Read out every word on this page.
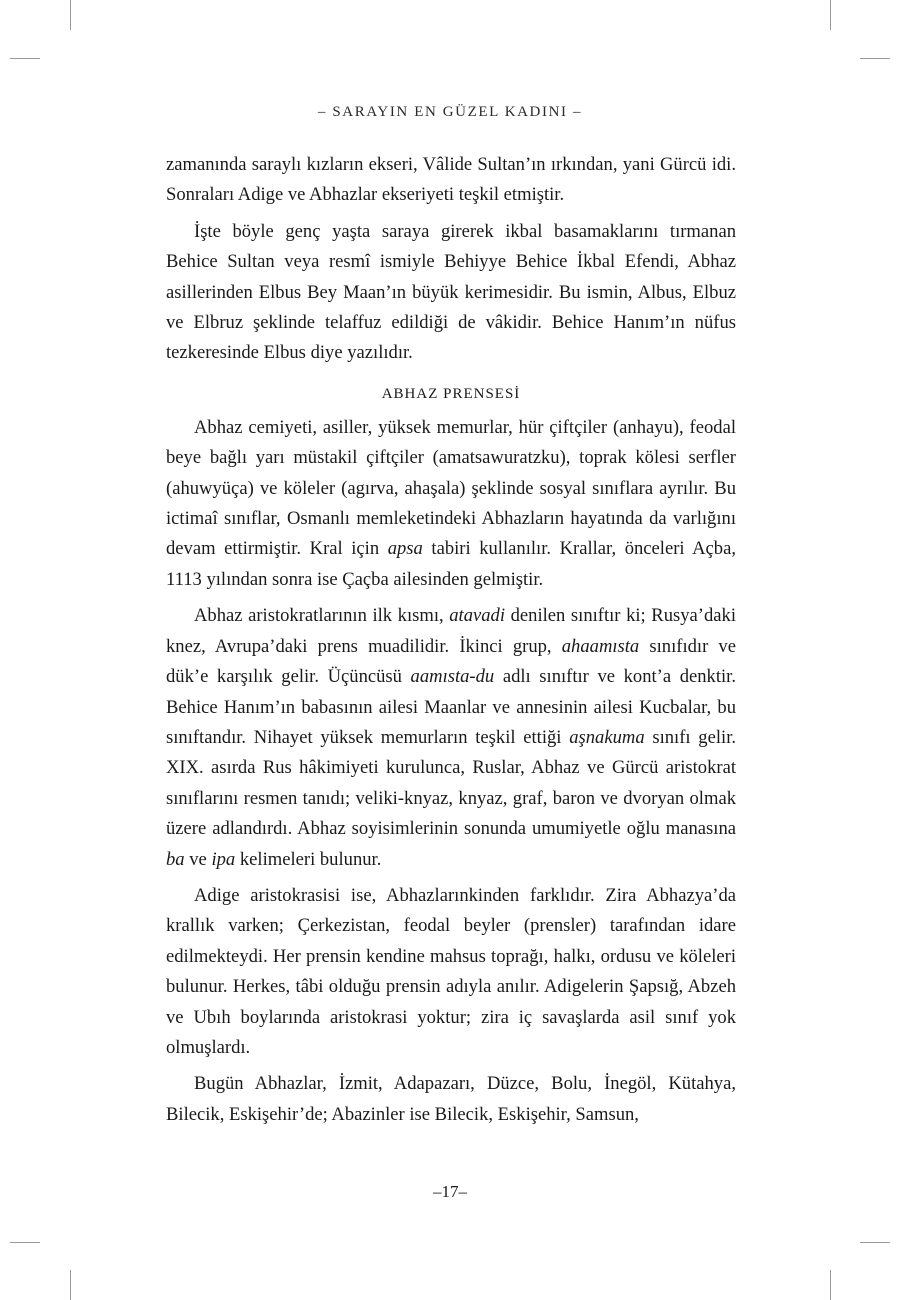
– SARAYIN EN GÜZEL KADINI –

zamanında saraylı kızların ekseri, Vâlide Sultan’ın ırkından, yani Gürcü idi. Sonraları Adige ve Abhazlar ekseriyeti teşkil etmiştir.

İşte böyle genç yaşta saraya girerek ikbal basamaklarını tırmanan Behice Sultan veya resmî ismiyle Behiyye Behice İkbal Efendi, Abhaz asillerinden Elbus Bey Maan’ın büyük kerimesidir. Bu ismin, Albus, Elbuz ve Elbruz şeklinde telaffuz edildiği de vâkidir. Behice Hanım’ın nüfus tezkeresinde Elbus diye yazılıdır.

ABHAZ PRENSESİ

Abhaz cemiyeti, asiller, yüksek memurlar, hür çiftçiler (anhayu), feodal beye bağlı yarı müstakil çiftçiler (amatsawuratzku), toprak kölesi serfler (ahuwyüça) ve köleler (agırva, ahaşala) şeklinde sosyal sınıflara ayrılır. Bu ictimaî sınıflar, Osmanlı memleketindeki Abhazların hayatında da varlığını devam ettirmiştir. Kral için apsa tabiri kullanılır. Krallar, önceleri Açba, 1113 yılından sonra ise Çaçba ailesinden gelmiştir.

Abhaz aristokratlarının ilk kısmı, atavadi denilen sınıftır ki; Rusya’daki knez, Avrupa’daki prens muadilidir. İkinci grup, ahaamısta sınıfıdır ve dük’e karşılık gelir. Üçüncüsü aamısta-du adlı sınıftır ve kont’a denktir. Behice Hanım’ın babasının ailesi Maanlar ve annesinin ailesi Kucbalar, bu sınıftandır. Nihayet yüksek memurların teşkil ettiği aşnakuma sınıfı gelir. XIX. asırda Rus hâkimiyeti kurulunca, Ruslar, Abhaz ve Gürcü aristokrat sınıflarını resmen tanıdı; veliki-knyaz, knyaz, graf, baron ve dvoryan olmak üzere adlandırdı. Abhaz soyisimlerinin sonunda umumiyetle oğlu manasına ba ve ipa kelimeleri bulunur.

Adige aristokrasisi ise, Abhazlarınkinden farklıdır. Zira Abhazya’da krallık varken; Çerkezistan, feodal beyler (prensler) tarafından idare edilmekteydi. Her prensin kendine mahsus toprağı, halkı, ordusu ve köleleri bulunur. Herkes, tâbi olduğu prensin adıyla anılır. Adigelerin Şapsığ, Abzeh ve Ubıh boylarında aristokrasi yoktur; zira iç savaşlarda asil sınıf yok olmuşlardı.

Bugün Abhazlar, İzmit, Adapazarı, Düzce, Bolu, İnegöl, Kütahya, Bilecik, Eskişehir’de; Abazinler ise Bilecik, Eskişehir, Samsun,

–17–
